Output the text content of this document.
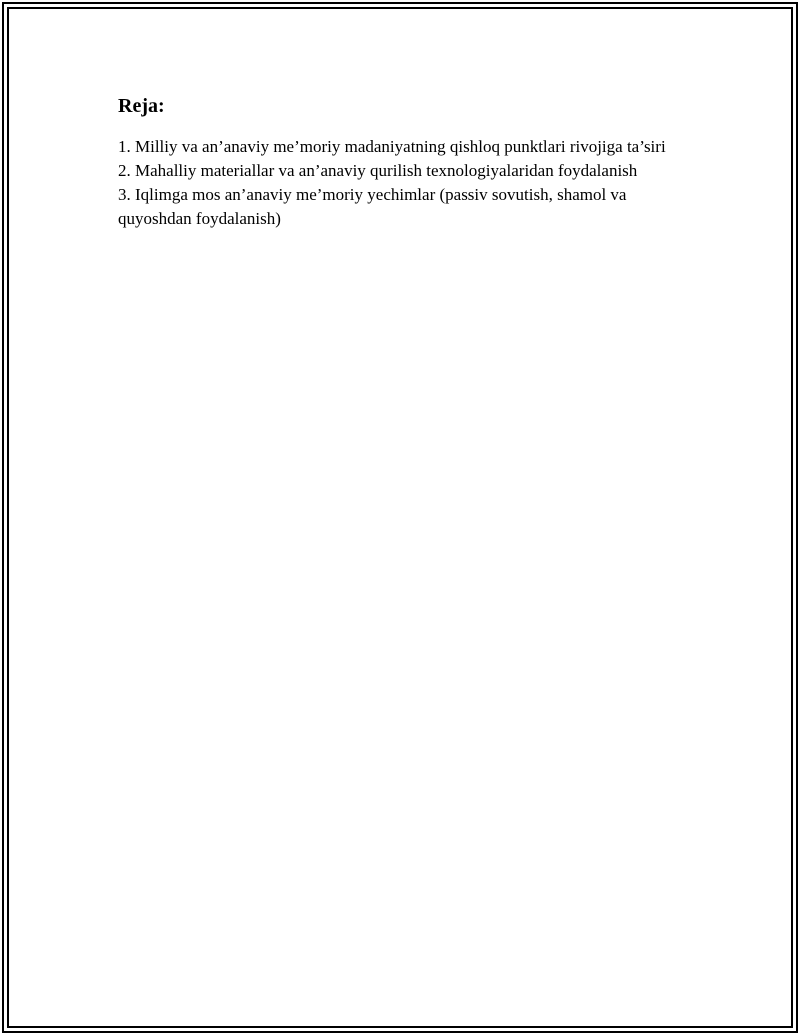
Reja:
1. Milliy va an’anaviy me’moriy madaniyatning qishloq punktlari rivojiga ta’siri
2. Mahalliy materiallar va an’anaviy qurilish texnologiyalaridan foydalanish
3. Iqlimga mos an’anaviy me’moriy yechimlar (passiv sovutish, shamol va quyoshdan foydalanish)
